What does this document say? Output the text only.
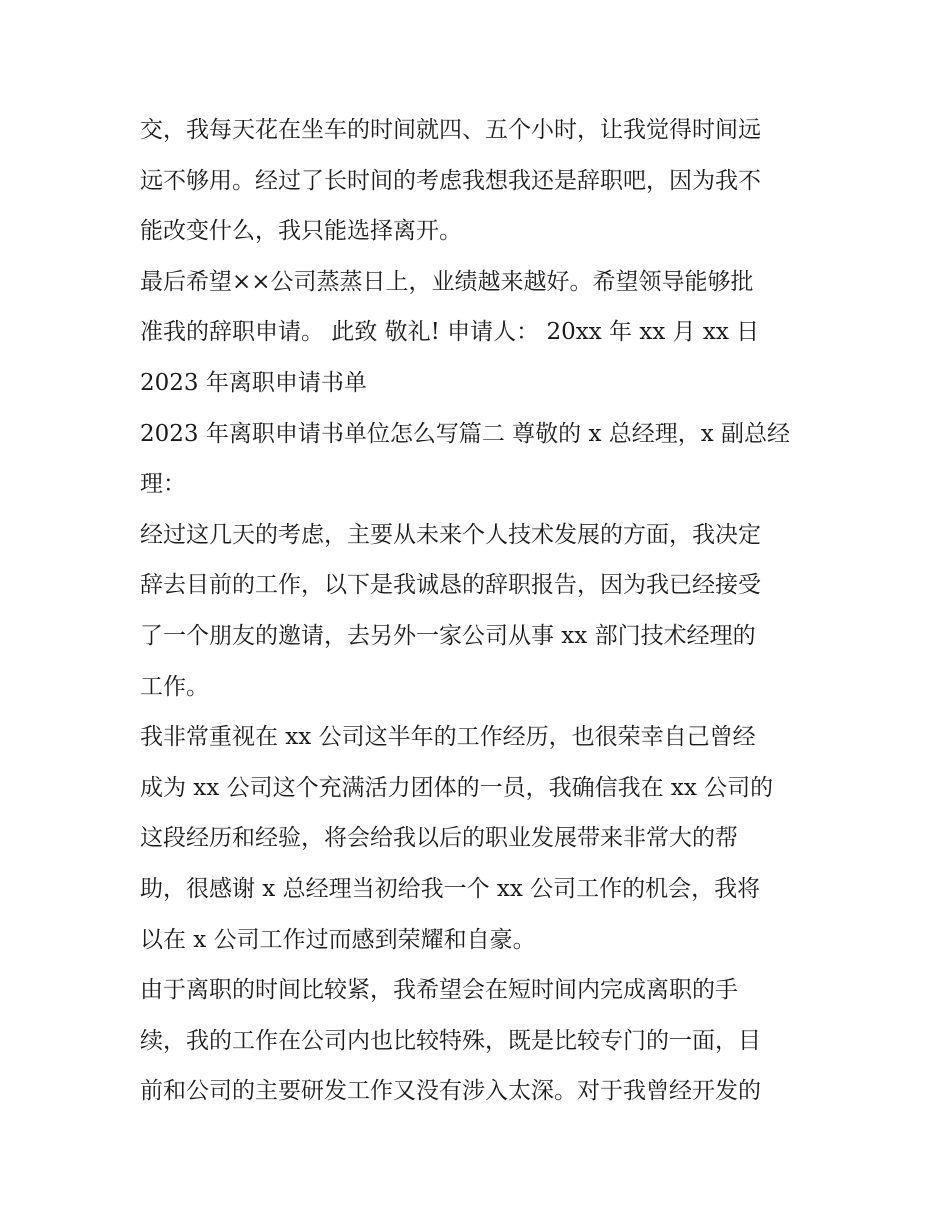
交，我每天花在坐车的时间就四、五个小时，让我觉得时间远
远不够用。经过了长时间的考虑我想我还是辞职吧，因为我不
能改变什么，我只能选择离开。
最后希望××公司蒸蒸日上，业绩越来越好。希望领导能够批
准我的辞职申请。 此致 敬礼! 申请人： 20xx 年 xx 月 xx 日
2023 年离职申请书单
2023 年离职申请书单位怎么写篇二 尊敬的 x 总经理，x 副总经
理：
经过这几天的考虑，主要从未来个人技术发展的方面，我决定
辞去目前的工作，以下是我诚恳的辞职报告，因为我已经接受
了一个朋友的邀请，去另外一家公司从事 xx 部门技术经理的
工作。
我非常重视在 xx 公司这半年的工作经历，也很荣幸自己曾经
成为 xx 公司这个充满活力团体的一员，我确信我在 xx 公司的
这段经历和经验，将会给我以后的职业发展带来非常大的帮
助，很感谢 x 总经理当初给我一个 xx 公司工作的机会，我将
以在 x 公司工作过而感到荣耀和自豪。
由于离职的时间比较紧，我希望会在短时间内完成离职的手
续，我的工作在公司内也比较特殊，既是比较专门的一面，目
前和公司的主要研发工作又没有涉入太深。对于我曾经开发的
